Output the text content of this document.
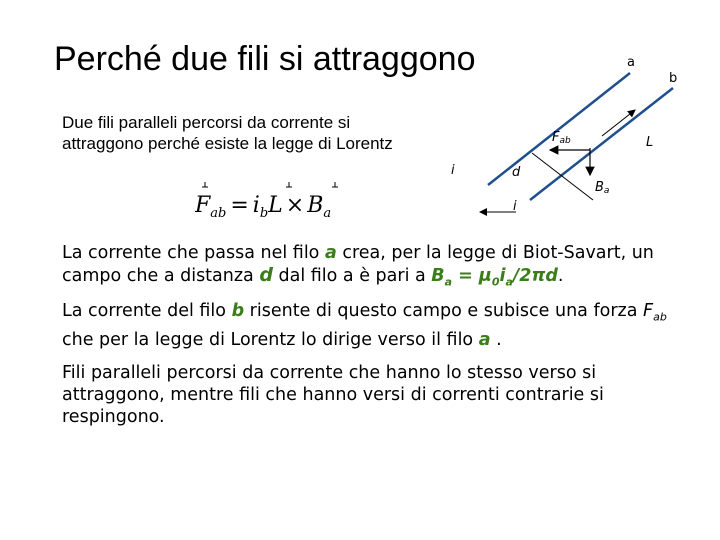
Perché due fili si attraggono
Due fili paralleli percorsi da corrente si attraggono perché esiste la legge di Lorentz
$F_{ab} = i_bL \times B_a$
a
b
Fab	L
i	d
i
Ba
La corrente che passa nel filo a crea, per la legge di Biot-Savart, un campo che a distanza d dal filo a è pari a $B_a = \mu_0i_a/2\pi d$.
La corrente del filo b risente di questo campo e subisce una forza $F_{ab}$ che per la legge di Lorentz lo dirige verso il filo a .
Fili paralleli percorsi da corrente che hanno lo stesso verso si attraggono, mentre fili che hanno versi di correnti contrarie si respingono.
